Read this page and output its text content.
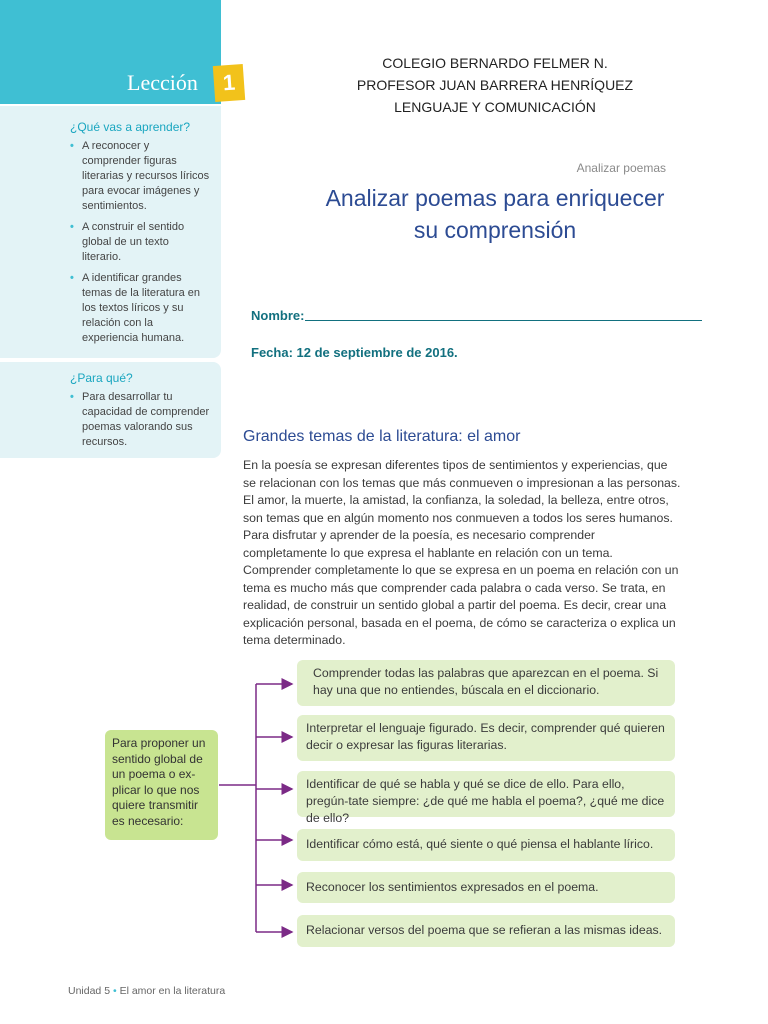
Lección	1
¿Qué vas a aprender?
• A reconocer y comprender figuras literarias y recursos líricos para evocar imágenes y sentimientos.
• A construir el sentido global de un texto literario.
• A identificar grandes temas de la literatura en los textos líricos y su relación con la experiencia humana.
¿Para qué?
• Para desarrollar tu capacidad de comprender poemas valorando sus recursos.
COLEGIO BERNARDO FELMER N.
PROFESOR JUAN BARRERA HENRÍQUEZ
LENGUAJE Y COMUNICACIÓN
Analizar poemas
Analizar poemas para enriquecer
su comprensión
Nombre:
Fecha: 12 de septiembre de 2016.
Grandes temas de la literatura: el amor

En la poesía se expresan diferentes tipos de sentimientos y experiencias, que se relacionan con los temas que más conmueven o impresionan a las personas. El amor, la muerte, la amistad, la confianza, la soledad, la belleza, entre otros, son temas que en algún momento nos conmueven a todos los seres humanos. Para disfrutar y aprender de la poesía, es necesario comprender completamente lo que expresa el hablante en relación con un tema.

Comprender completamente lo que se expresa en un poema en relación con un tema es mucho más que comprender cada palabra o cada verso. Se trata, en realidad, de construir un sentido global a partir del poema. Es decir, crear una explicación personal, basada en el poema, de cómo se caracteriza o explica un tema determinado.

Para proponer un sentido global de un poema o ex-plicar lo que nos quiere transmitir es necesario:
Comprender todas las palabras que aparezcan en el poema. Si hay una que no entiendes, búscala en el diccionario.
Interpretar el lenguaje figurado. Es decir, comprender qué quieren decir o expresar las figuras literarias.
Identificar de qué se habla y qué se dice de ello. Para ello, pregún-tate siempre: ¿de qué me habla el poema?, ¿qué me dice de ello?
Identificar cómo está, qué siente o qué piensa el hablante lírico.
Reconocer los sentimientos expresados en el poema.
Relacionar versos del poema que se refieran a las mismas ideas.
Unidad 5 • El amor en la literatura
